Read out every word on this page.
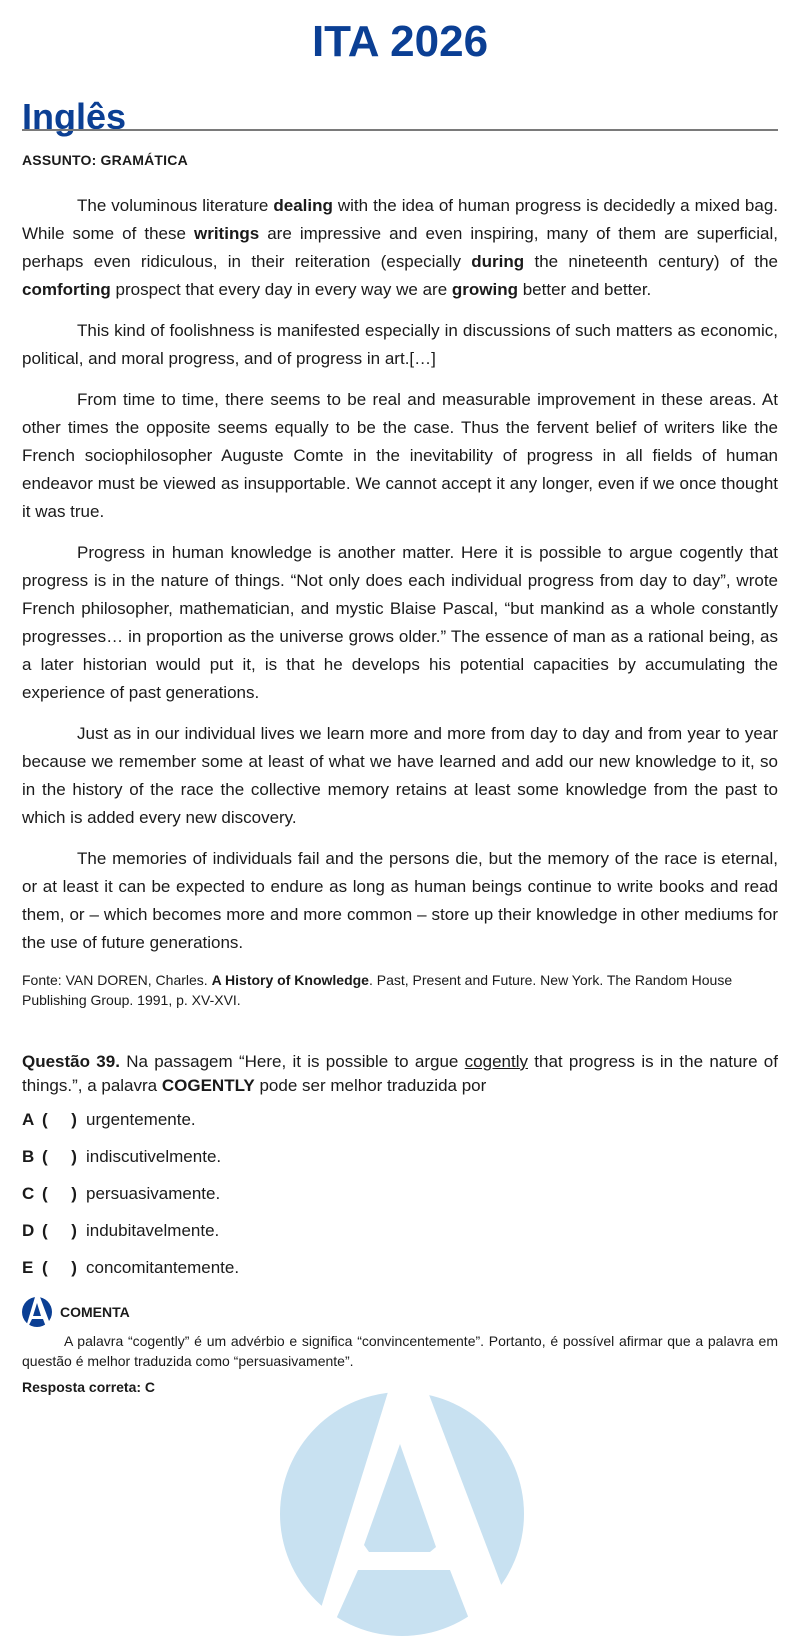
ITA 2026
Inglês
ASSUNTO: GRAMÁTICA

The voluminous literature dealing with the idea of human progress is decidedly a mixed bag. While some of these writings are impressive and even inspiring, many of them are superficial, perhaps even ridiculous, in their reiteration (especially during the nineteenth century) of the comforting prospect that every day in every way we are growing better and better.

This kind of foolishness is manifested especially in discussions of such matters as economic, political, and moral progress, and of progress in art.[…]

From time to time, there seems to be real and measurable improvement in these areas. At other times the opposite seems equally to be the case. Thus the fervent belief of writers like the French sociophilosopher Auguste Comte in the inevitability of progress in all fields of human endeavor must be viewed as insupportable. We cannot accept it any longer, even if we once thought it was true.

Progress in human knowledge is another matter. Here it is possible to argue cogently that progress is in the nature of things. “Not only does each individual progress from day to day”, wrote French philosopher, mathematician, and mystic Blaise Pascal, “but mankind as a whole constantly progresses… in proportion as the universe grows older.” The essence of man as a rational being, as a later historian would put it, is that he develops his potential capacities by accumulating the experience of past generations.

Just as in our individual lives we learn more and more from day to day and from year to year because we remember some at least of what we have learned and add our new knowledge to it, so in the history of the race the collective memory retains at least some knowledge from the past to which is added every new discovery.

The memories of individuals fail and the persons die, but the memory of the race is eternal, or at least it can be expected to endure as long as human beings continue to write books and read them, or – which becomes more and more common – store up their knowledge in other mediums for the use of future generations.

Fonte: VAN DOREN, Charles. A History of Knowledge. Past, Present and Future. New York. The Random House Publishing Group. 1991, p. XV-XVI.
Questão 39. Na passagem “Here, it is possible to argue cogently that progress is in the nature of things.”, a palavra COGENTLY pode ser melhor traduzida por
A (     ) urgentemente.
B (     ) indiscutivelmente.
C (     ) persuasivamente.
D (     ) indubitavelmente.
E (     ) concomitantemente.
COMENTA
A palavra “cogently” é um advérbio e significa “convincentemente”. Portanto, é possível afirmar que a palavra em questão é melhor traduzida como “persuasivamente”.
Resposta correta: C
